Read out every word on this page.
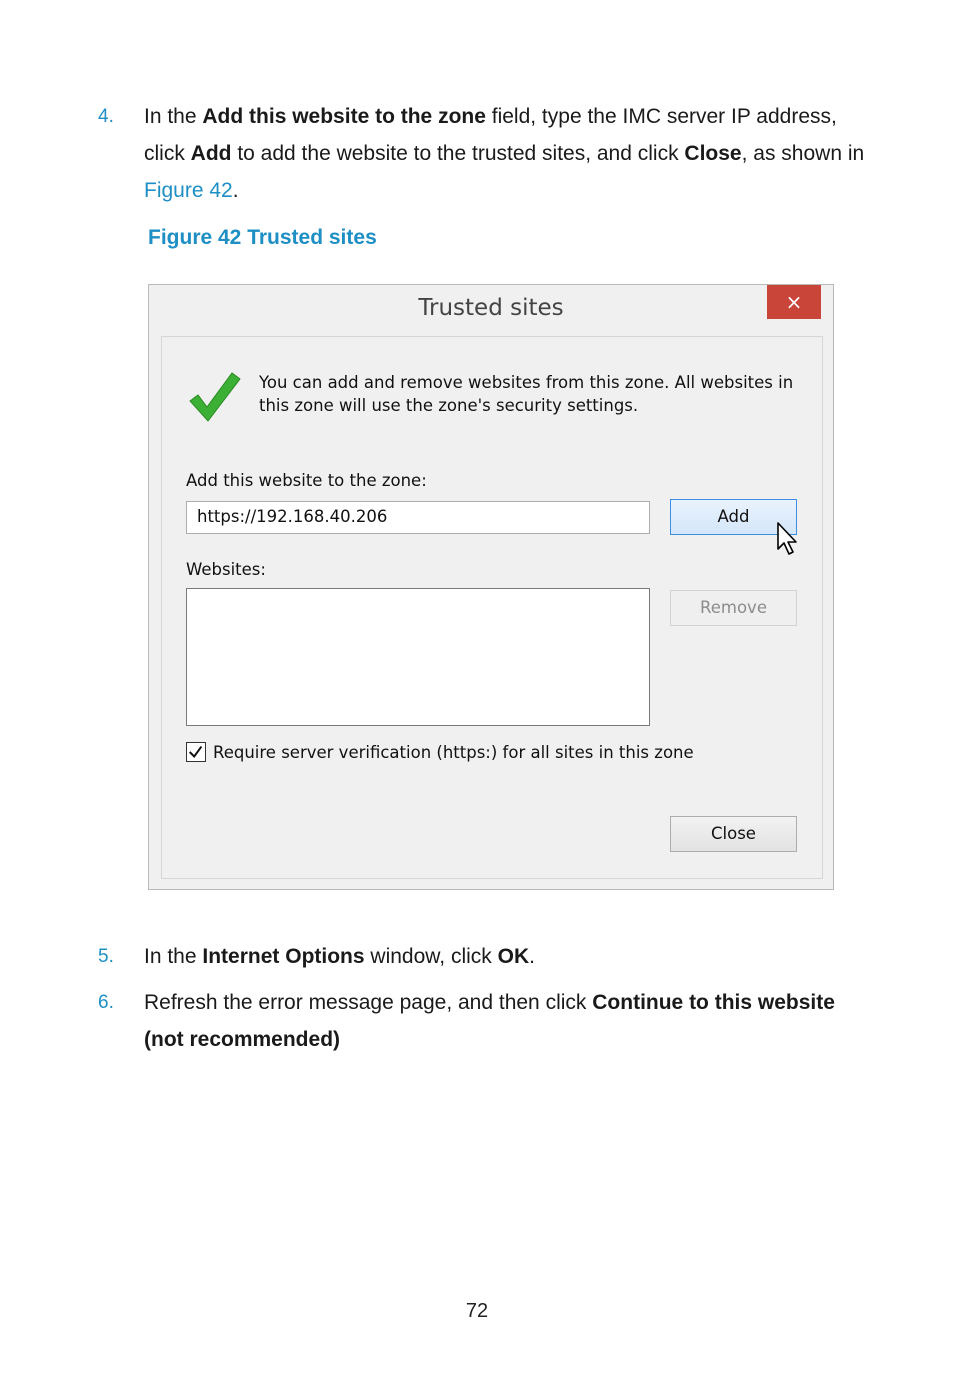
4. In the Add this website to the zone field, type the IMC server IP address, click Add to add the website to the trusted sites, and click Close, as shown in Figure 42.
Figure 42 Trusted sites
Trusted sites	×
You can add and remove websites from this zone. All websites in this zone will use the zone's security settings.
Add this website to the zone:
https://192.168.40.206	Add
Websites:
Remove
Require server verification (https:) for all sites in this zone
Close
5. In the Internet Options window, click OK.
6. Refresh the error message page, and then click Continue to this website (not recommended)
72
